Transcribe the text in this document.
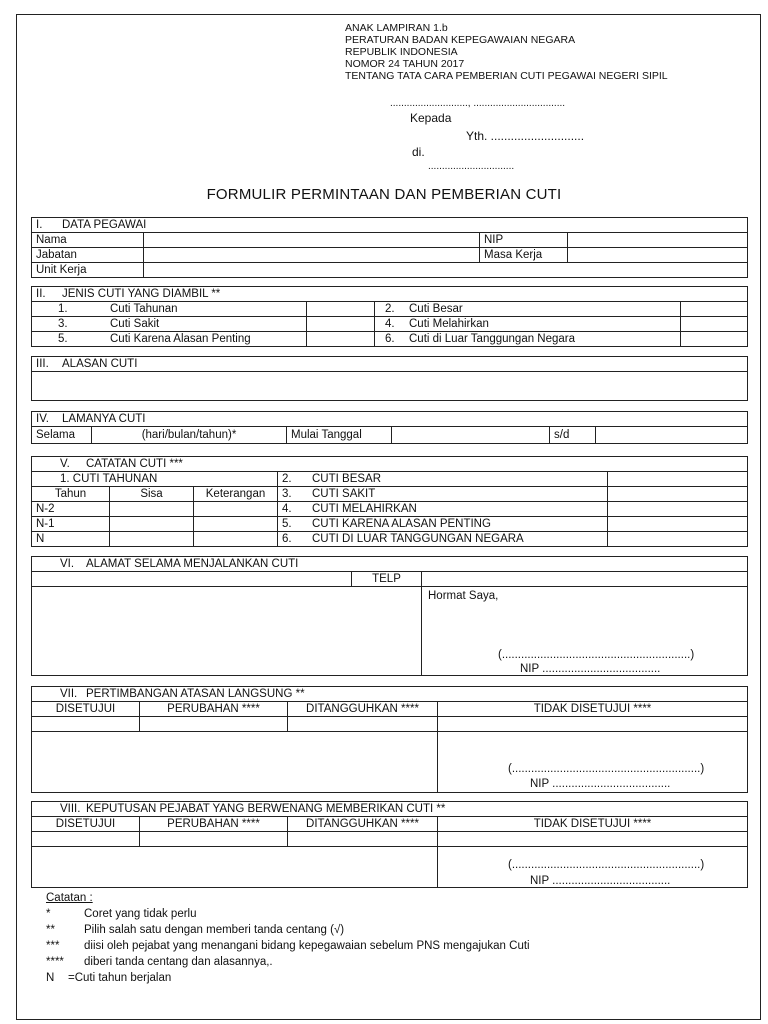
ANAK LAMPIRAN 1.b
PERATURAN BADAN KEPEGAWAIAN NEGARA
REPUBLIK INDONESIA
NOMOR 24 TAHUN 2017
TENTANG TATA CARA PEMBERIAN CUTI PEGAWAI NEGERI SIPIL
............................, .................................
Kepada
Yth. ............................
di.
...............................
FORMULIR PERMINTAAN DAN PEMBERIAN CUTI
I. DATA PEGAWAI			
Nama		NIP	
Jabatan		Masa Kerja	
Unit Kerja			
II. JENIS CUTI YANG DIAMBIL **			
1. Cuti Tahunan		2. Cuti Besar	
3. Cuti Sakit		4. Cuti Melahirkan	
5. Cuti Karena Alasan Penting		6. Cuti di Luar Tanggungan Negara	
III. ALASAN CUTI

IV. LAMANYA CUTI
Selama	(hari/bulan/tahun)*	Mulai Tanggal		s/d	
V. CATATAN CUTI ***				
1. CUTI TAHUNAN			2. CUTI BESAR	
Tahun	Sisa	Keterangan	3. CUTI SAKIT	
N-2			4. CUTI MELAHIRKAN	
N-1			5. CUTI KARENA ALASAN PENTING	
N			6. CUTI DI LUAR TANGGUNGAN NEGARA	
VI. ALAMAT SELAMA MENJALANKAN CUTI		
	TELP	

		Hormat Saya,
(...........................................................)
NIP .....................................
VII. PERTIMBANGAN ATASAN LANGSUNG **			
DISETUJUI	PERUBAHAN ****	DITANGGUHKAN ****	TIDAK DISETUJUI ****

			(...........................................................)
NIP .....................................
VIII. KEPUTUSAN PEJABAT YANG BERWENANG MEMBERIKAN CUTI **			
DISETUJUI	PERUBAHAN ****	DITANGGUHKAN ****	TIDAK DISETUJUI ****

			(...........................................................)
NIP .....................................
Catatan :
*	Coret yang tidak perlu
**	Pilih salah satu dengan memberi tanda centang (√)
***	diisi oleh pejabat yang menangani bidang kepegawaian sebelum PNS mengajukan Cuti
****	diberi tanda centang dan alasannya,.
N	=Cuti tahun berjalan
